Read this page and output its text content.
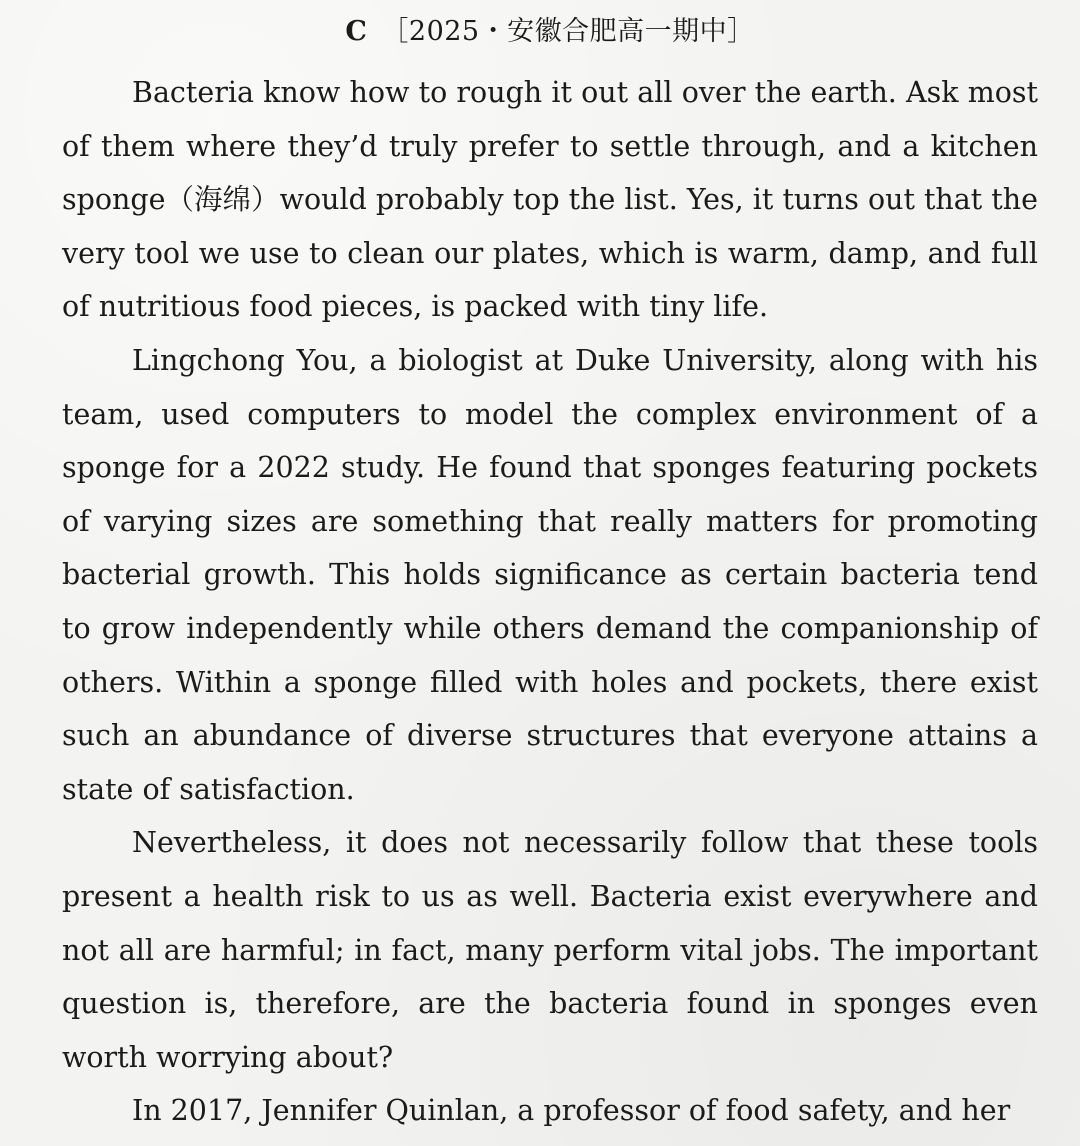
C ［2025・安徽合肥高一期中］

Bacteria know how to rough it out all over the earth. Ask most of them where they’d truly prefer to settle through, and a kitchen sponge（海绵）would probably top the list. Yes, it turns out that the very tool we use to clean our plates, which is warm, damp, and full of nutritious food pieces, is packed with tiny life.

Lingchong You, a biologist at Duke University, along with his team, used computers to model the complex environment of a sponge for a 2022 study. He found that sponges featuring pockets of varying sizes are something that really matters for promoting bacterial growth. This holds significance as certain bacteria tend to grow independently while others demand the companionship of others. Within a sponge filled with holes and pockets, there exist such an abundance of diverse structures that everyone attains a state of satisfaction.

Nevertheless, it does not necessarily follow that these tools present a health risk to us as well. Bacteria exist everywhere and not all are harmful; in fact, many perform vital jobs. The important question is, therefore, are the bacteria found in sponges even worth worrying about?

In 2017, Jennifer Quinlan, a professor of food safety, and her
